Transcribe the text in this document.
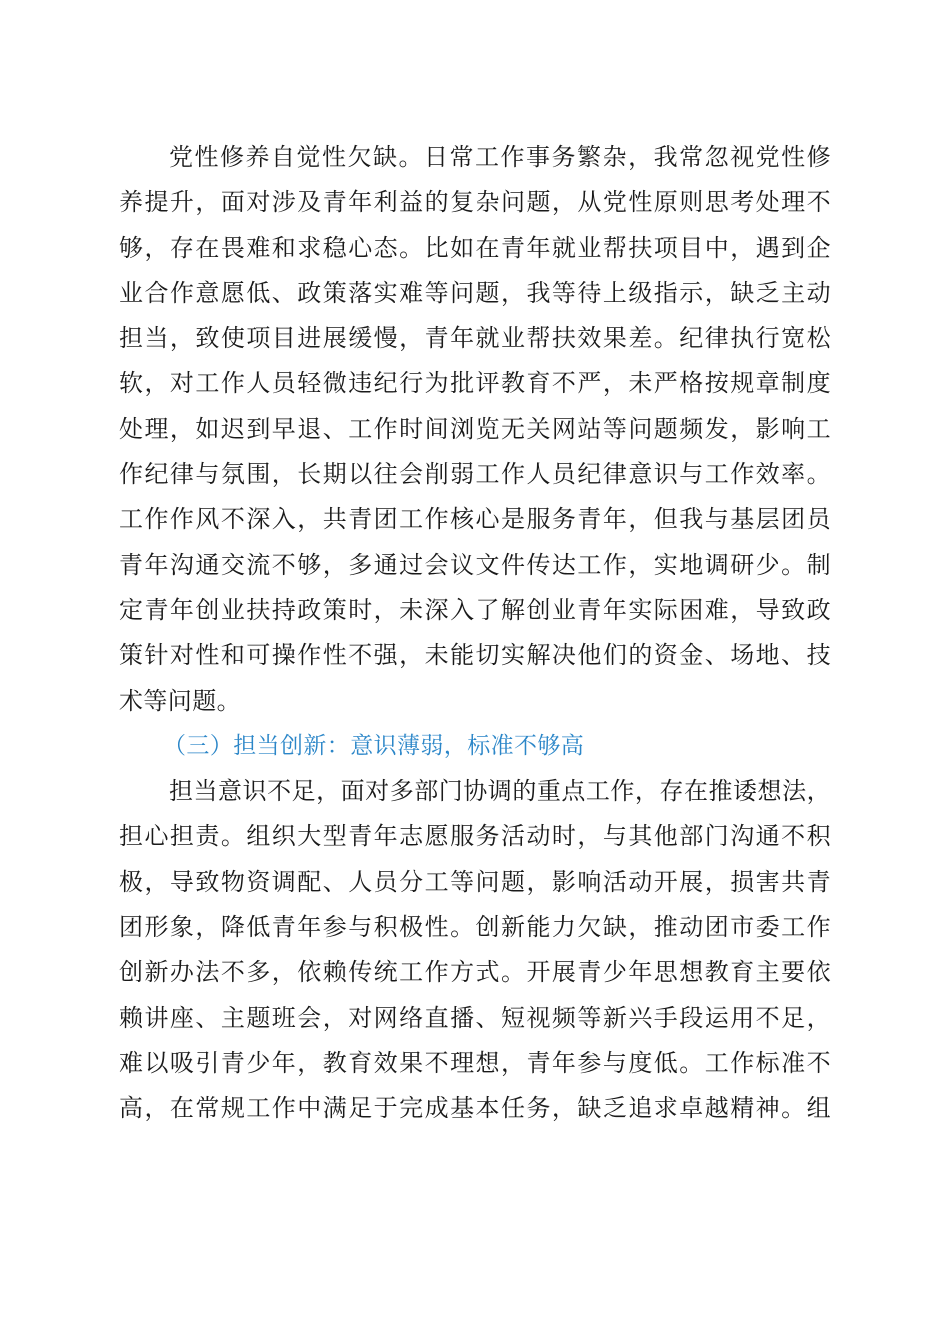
党性修养自觉性欠缺。日常工作事务繁杂，我常忽视党性修
养提升，面对涉及青年利益的复杂问题，从党性原则思考处理不
够，存在畏难和求稳心态。比如在青年就业帮扶项目中，遇到企
业合作意愿低、政策落实难等问题，我等待上级指示，缺乏主动
担当，致使项目进展缓慢，青年就业帮扶效果差。纪律执行宽松
软，对工作人员轻微违纪行为批评教育不严，未严格按规章制度
处理，如迟到早退、工作时间浏览无关网站等问题频发，影响工
作纪律与氛围，长期以往会削弱工作人员纪律意识与工作效率。
工作作风不深入，共青团工作核心是服务青年，但我与基层团员
青年沟通交流不够，多通过会议文件传达工作，实地调研少。制
定青年创业扶持政策时，未深入了解创业青年实际困难，导致政
策针对性和可操作性不强，未能切实解决他们的资金、场地、技
术等问题。
（三）担当创新：意识薄弱，标准不够高
担当意识不足，面对多部门协调的重点工作，存在推诿想法，
担心担责。组织大型青年志愿服务活动时，与其他部门沟通不积
极，导致物资调配、人员分工等问题，影响活动开展，损害共青
团形象，降低青年参与积极性。创新能力欠缺，推动团市委工作
创新办法不多，依赖传统工作方式。开展青少年思想教育主要依
赖讲座、主题班会，对网络直播、短视频等新兴手段运用不足，
难以吸引青少年，教育效果不理想，青年参与度低。工作标准不
高，在常规工作中满足于完成基本任务，缺乏追求卓越精神。组
